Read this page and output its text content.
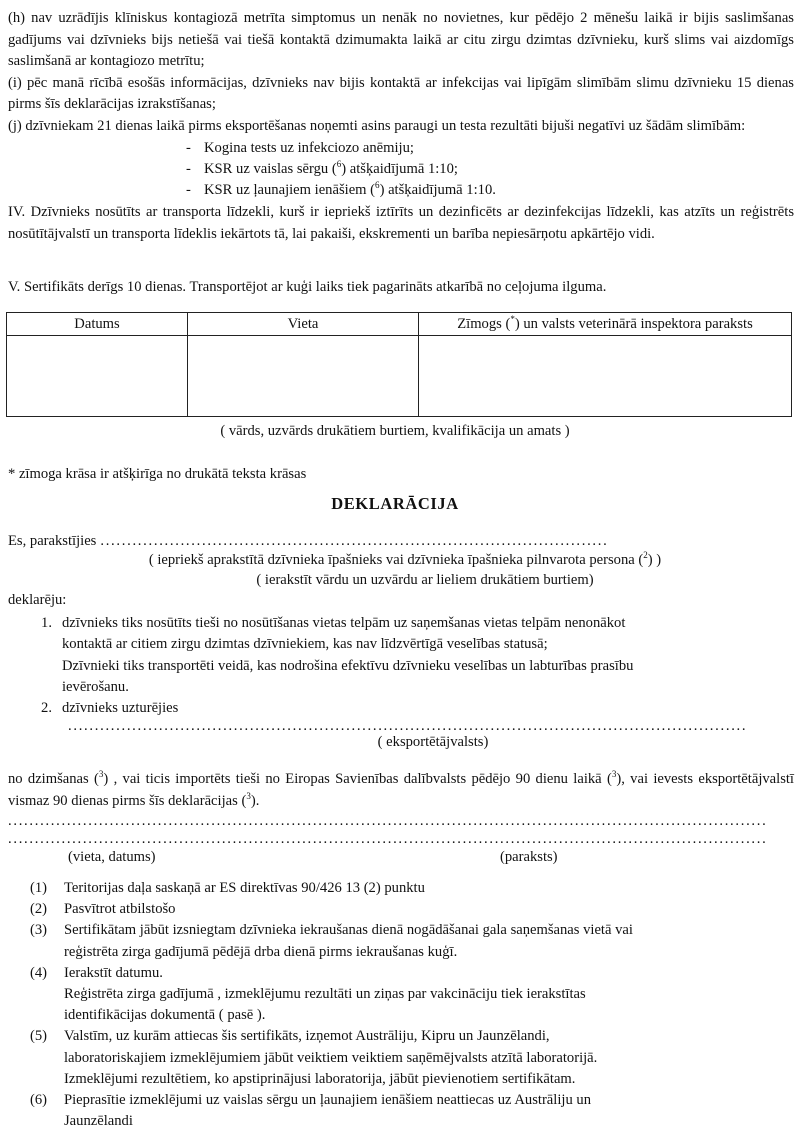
(h) nav uzrādījis klīniskus kontagiozā metrīta simptomus un nenāk no novietnes, kur pēdējo 2 mēnešu laikā ir bijis saslimšanas gadījums vai dzīvnieks bijs netiešā vai tiešā kontaktā dzimumakta laikā ar citu zirgu dzimtas dzīvnieku, kurš slims vai aizdomīgs saslimšanā ar kontagiozo metrītu;

(i) pēc manā rīcībā esošās informācijas, dzīvnieks nav bijis kontaktā ar infekcijas vai lipīgām slimībām slimu dzīvnieku 15 dienas pirms šīs deklarācijas izrakstīšanas;

(j) dzīvniekam 21 dienas laikā pirms eksportēšanas noņemti asins paraugi un testa rezultāti bijuši negatīvi uz šādām slimībām:

- Kogina tests uz infekciozo anēmiju;
- KSR uz vaislas sērgu ($^6$) atšķaidījumā 1:10;
- KSR uz ļaunajiem ienāšiem ($^6$) atšķaidījumā 1:10.

IV. Dzīvnieks nosūtīts ar transporta līdzekli, kurš ir iepriekš iztīrīts un dezinficēts ar dezinfekcijas līdzekli, kas atzīts un reģistrēts nosūtītājvalstī un transporta līdeklis iekārtots tā, lai pakaiši, ekskrementi un barība nepiesārņotu apkārtējo vidi.

V. Sertifikāts derīgs 10 dienas. Transportējot ar kuģi laiks tiek pagarināts atkarībā no ceļojuma ilguma.

Datums	Vieta	Zīmogs (*) un valsts veterinārā inspektora paraksts

( vārds, uzvārds drukātiem burtiem, kvalifikācija un amats )
* zīmoga krāsa ir atšķirīga no drukātā teksta krāsas
DEKLARĀCIJA
Es, parakstījies ...............................................................................................
( iepriekš aprakstītā dzīvnieka īpašnieks vai dzīvnieka īpašnieka pilnvarota persona ($^2$) )
( ierakstīt vārdu un uzvārdu ar lieliem drukātiem burtiem)
deklarēju:
1. dzīvnieks tiks nosūtīts tieši no nosūtīšanas vietas telpām uz saņemšanas vietas telpām nenonākot
kontaktā ar citiem zirgu dzimtas dzīvniekiem, kas nav līdzvērtīgā veselības statusā;
Dzīvnieki tiks transportēti veidā, kas nodrošina efektīvu dzīvnieku veselības un labturības prasību
ievērošanu.
2. dzīvnieks uzturējies
...............................................................................................................................
( eksportētājvalsts)

no dzimšanas ($^3$) , vai ticis importēts tieši no Eiropas Savienības dalībvalsts pēdējo 90 dienu laikā ($^3$), vai ievests eksportētājvalstī vismaz 90 dienas pirms šīs deklarācijas ($^3$).

..............................................................................................................................................
..............................................................................................................................................
(vieta, datums)	(paraksts)
(1)	Teritorijas daļa saskaņā ar ES direktīvas 90/426 13 (2) punktu
(2)	Pasvītrot atbilstošo
(3)	Sertifikātam jābūt izsniegtam dzīvnieka iekraušanas dienā nogādāšanai gala saņemšanas vietā vai
reģistrēta zirga gadījumā pēdējā drba dienā pirms iekraušanas kuģī.
(4)	Ierakstīt datumu.
Reģistrēta zirga gadījumā , izmeklējumu rezultāti un ziņas par vakcināciju tiek ierakstītas
identifikācijas dokumentā ( pasē ).
(5)	Valstīm, uz kurām attiecas šis sertifikāts, izņemot Austrāliju, Kipru un Jaunzēlandi,
laboratoriskajiem izmeklējumiem jābūt veiktiem veiktiem saņēmējvalsts atzītā laboratorijā.
Izmeklējumi rezultētiem, ko apstiprinājusi laboratorija, jābūt pievienotiem sertifikātam.
(6)	Pieprasītie izmeklējumi uz vaislas sērgu un ļaunajiem ienāšiem neattiecas uz Austrāliju un
Jaunzēlandi
